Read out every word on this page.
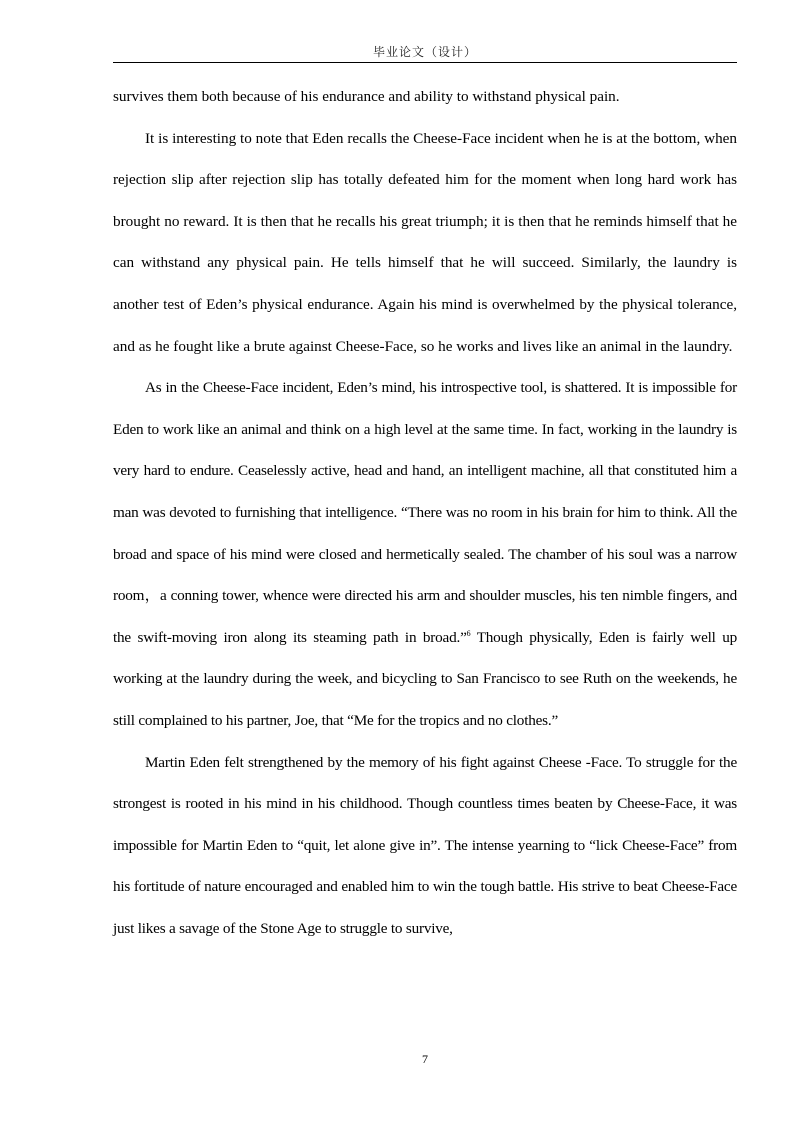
毕业论文（设计）

survives them both because of his endurance and ability to withstand physical pain.

It is interesting to note that Eden recalls the Cheese-Face incident when he is at the bottom, when rejection slip after rejection slip has totally defeated him for the moment when long hard work has brought no reward. It is then that he recalls his great triumph; it is then that he reminds himself that he can withstand any physical pain. He tells himself that he will succeed. Similarly, the laundry is another test of Eden’s physical endurance. Again his mind is overwhelmed by the physical tolerance, and as he fought like a brute against Cheese-Face, so he works and lives like an animal in the laundry.

As in the Cheese-Face incident, Eden’s mind, his introspective tool, is shattered. It is impossible for Eden to work like an animal and think on a high level at the same time. In fact, working in the laundry is very hard to endure. Ceaselessly active, head and hand, an intelligent machine, all that constituted him a man was devoted to furnishing that intelligence. “There was no room in his brain for him to think. All the broad and space of his mind were closed and hermetically sealed. The chamber of his soul was a narrow room，a conning tower, whence were directed his arm and shoulder muscles, his ten nimble fingers, and the swift-moving iron along its steaming path in broad.”$^6$ Though physically, Eden is fairly well up working at the laundry during the week, and bicycling to San Francisco to see Ruth on the weekends, he still complained to his partner, Joe, that “Me for the tropics and no clothes.”

Martin Eden felt strengthened by the memory of his fight against Cheese -Face. To struggle for the strongest is rooted in his mind in his childhood. Though countless times beaten by Cheese-Face, it was impossible for Martin Eden to “quit, let alone give in”. The intense yearning to “lick Cheese-Face” from his fortitude of nature encouraged and enabled him to win the tough battle. His strive to beat Cheese-Face just likes a savage of the Stone Age to struggle to survive,

7
